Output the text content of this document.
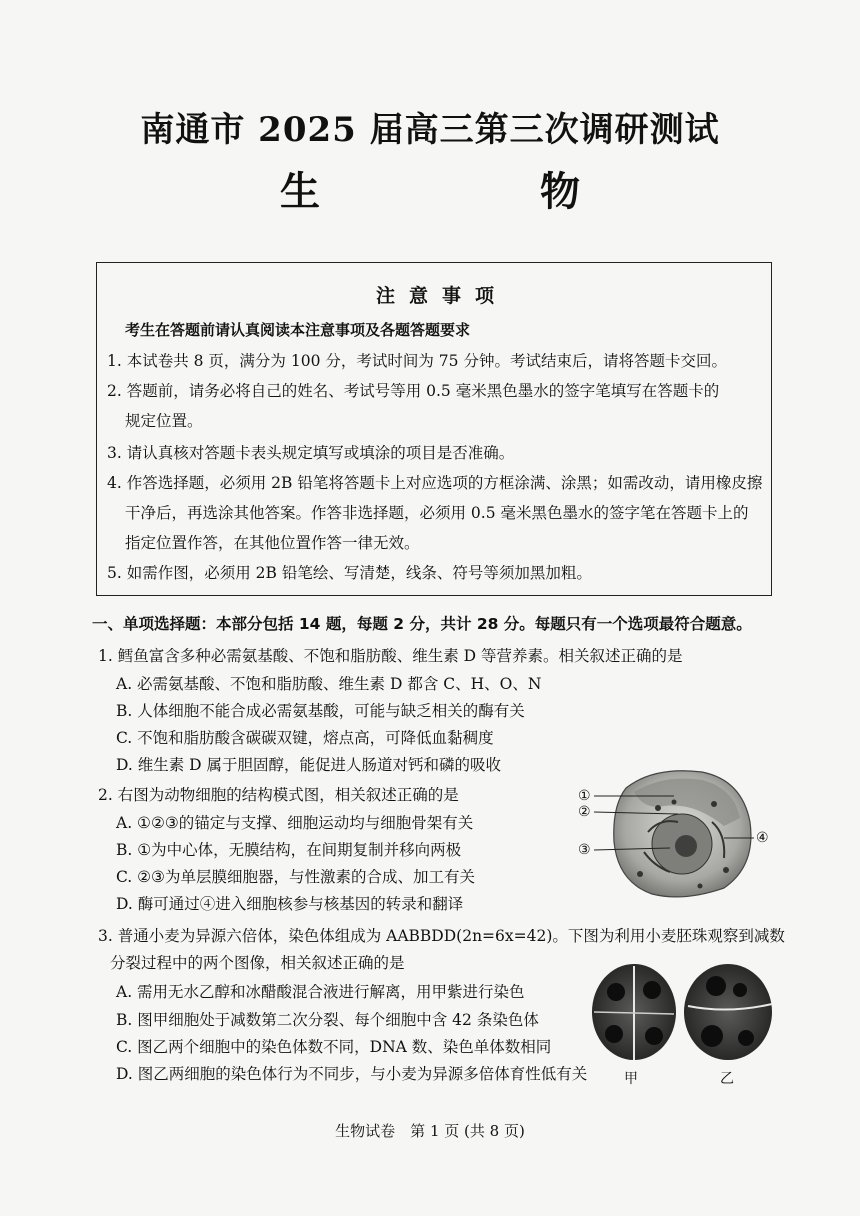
南通市 2025 届高三第三次调研测试
生　物
注意事项
考生在答题前请认真阅读本注意事项及各题答题要求
1. 本试卷共 8 页，满分为 100 分，考试时间为 75 分钟。考试结束后，请将答题卡交回。
2. 答题前，请务必将自己的姓名、考试号等用 0.5 毫米黑色墨水的签字笔填写在答题卡的
规定位置。
3. 请认真核对答题卡表头规定填写或填涂的项目是否准确。
4. 作答选择题，必须用 2B 铅笔将答题卡上对应选项的方框涂满、涂黑；如需改动，请用橡皮擦
干净后，再选涂其他答案。作答非选择题，必须用 0.5 毫米黑色墨水的签字笔在答题卡上的
指定位置作答，在其他位置作答一律无效。
5. 如需作图，必须用 2B 铅笔绘、写清楚，线条、符号等须加黑加粗。
一、单项选择题：本部分包括 14 题，每题 2 分，共计 28 分。每题只有一个选项最符合题意。
1. 鳕鱼富含多种必需氨基酸、不饱和脂肪酸、维生素 D 等营养素。相关叙述正确的是
A. 必需氨基酸、不饱和脂肪酸、维生素 D 都含 C、H、O、N
B. 人体细胞不能合成必需氨基酸，可能与缺乏相关的酶有关
C. 不饱和脂肪酸含碳碳双键，熔点高，可降低血黏稠度
D. 维生素 D 属于胆固醇，能促进人肠道对钙和磷的吸收
2. 右图为动物细胞的结构模式图，相关叙述正确的是
A. ①②③的锚定与支撑、细胞运动均与细胞骨架有关
B. ①为中心体，无膜结构，在间期复制并移向两极
C. ②③为单层膜细胞器，与性激素的合成、加工有关
D. 酶可通过④进入细胞核参与核基因的转录和翻译
①
②
③
④
3. 普通小麦为异源六倍体，染色体组成为 AABBDD(2n=6x=42)。下图为利用小麦胚珠观察到减数
分裂过程中的两个图像，相关叙述正确的是
A. 需用无水乙醇和冰醋酸混合液进行解离，用甲紫进行染色
B. 图甲细胞处于减数第二次分裂、每个细胞中含 42 条染色体
C. 图乙两个细胞中的染色体数不同，DNA 数、染色单体数相同
D. 图乙两细胞的染色体行为不同步，与小麦为异源多倍体育性低有关	甲	乙
生物试卷　第 1 页 (共 8 页)
